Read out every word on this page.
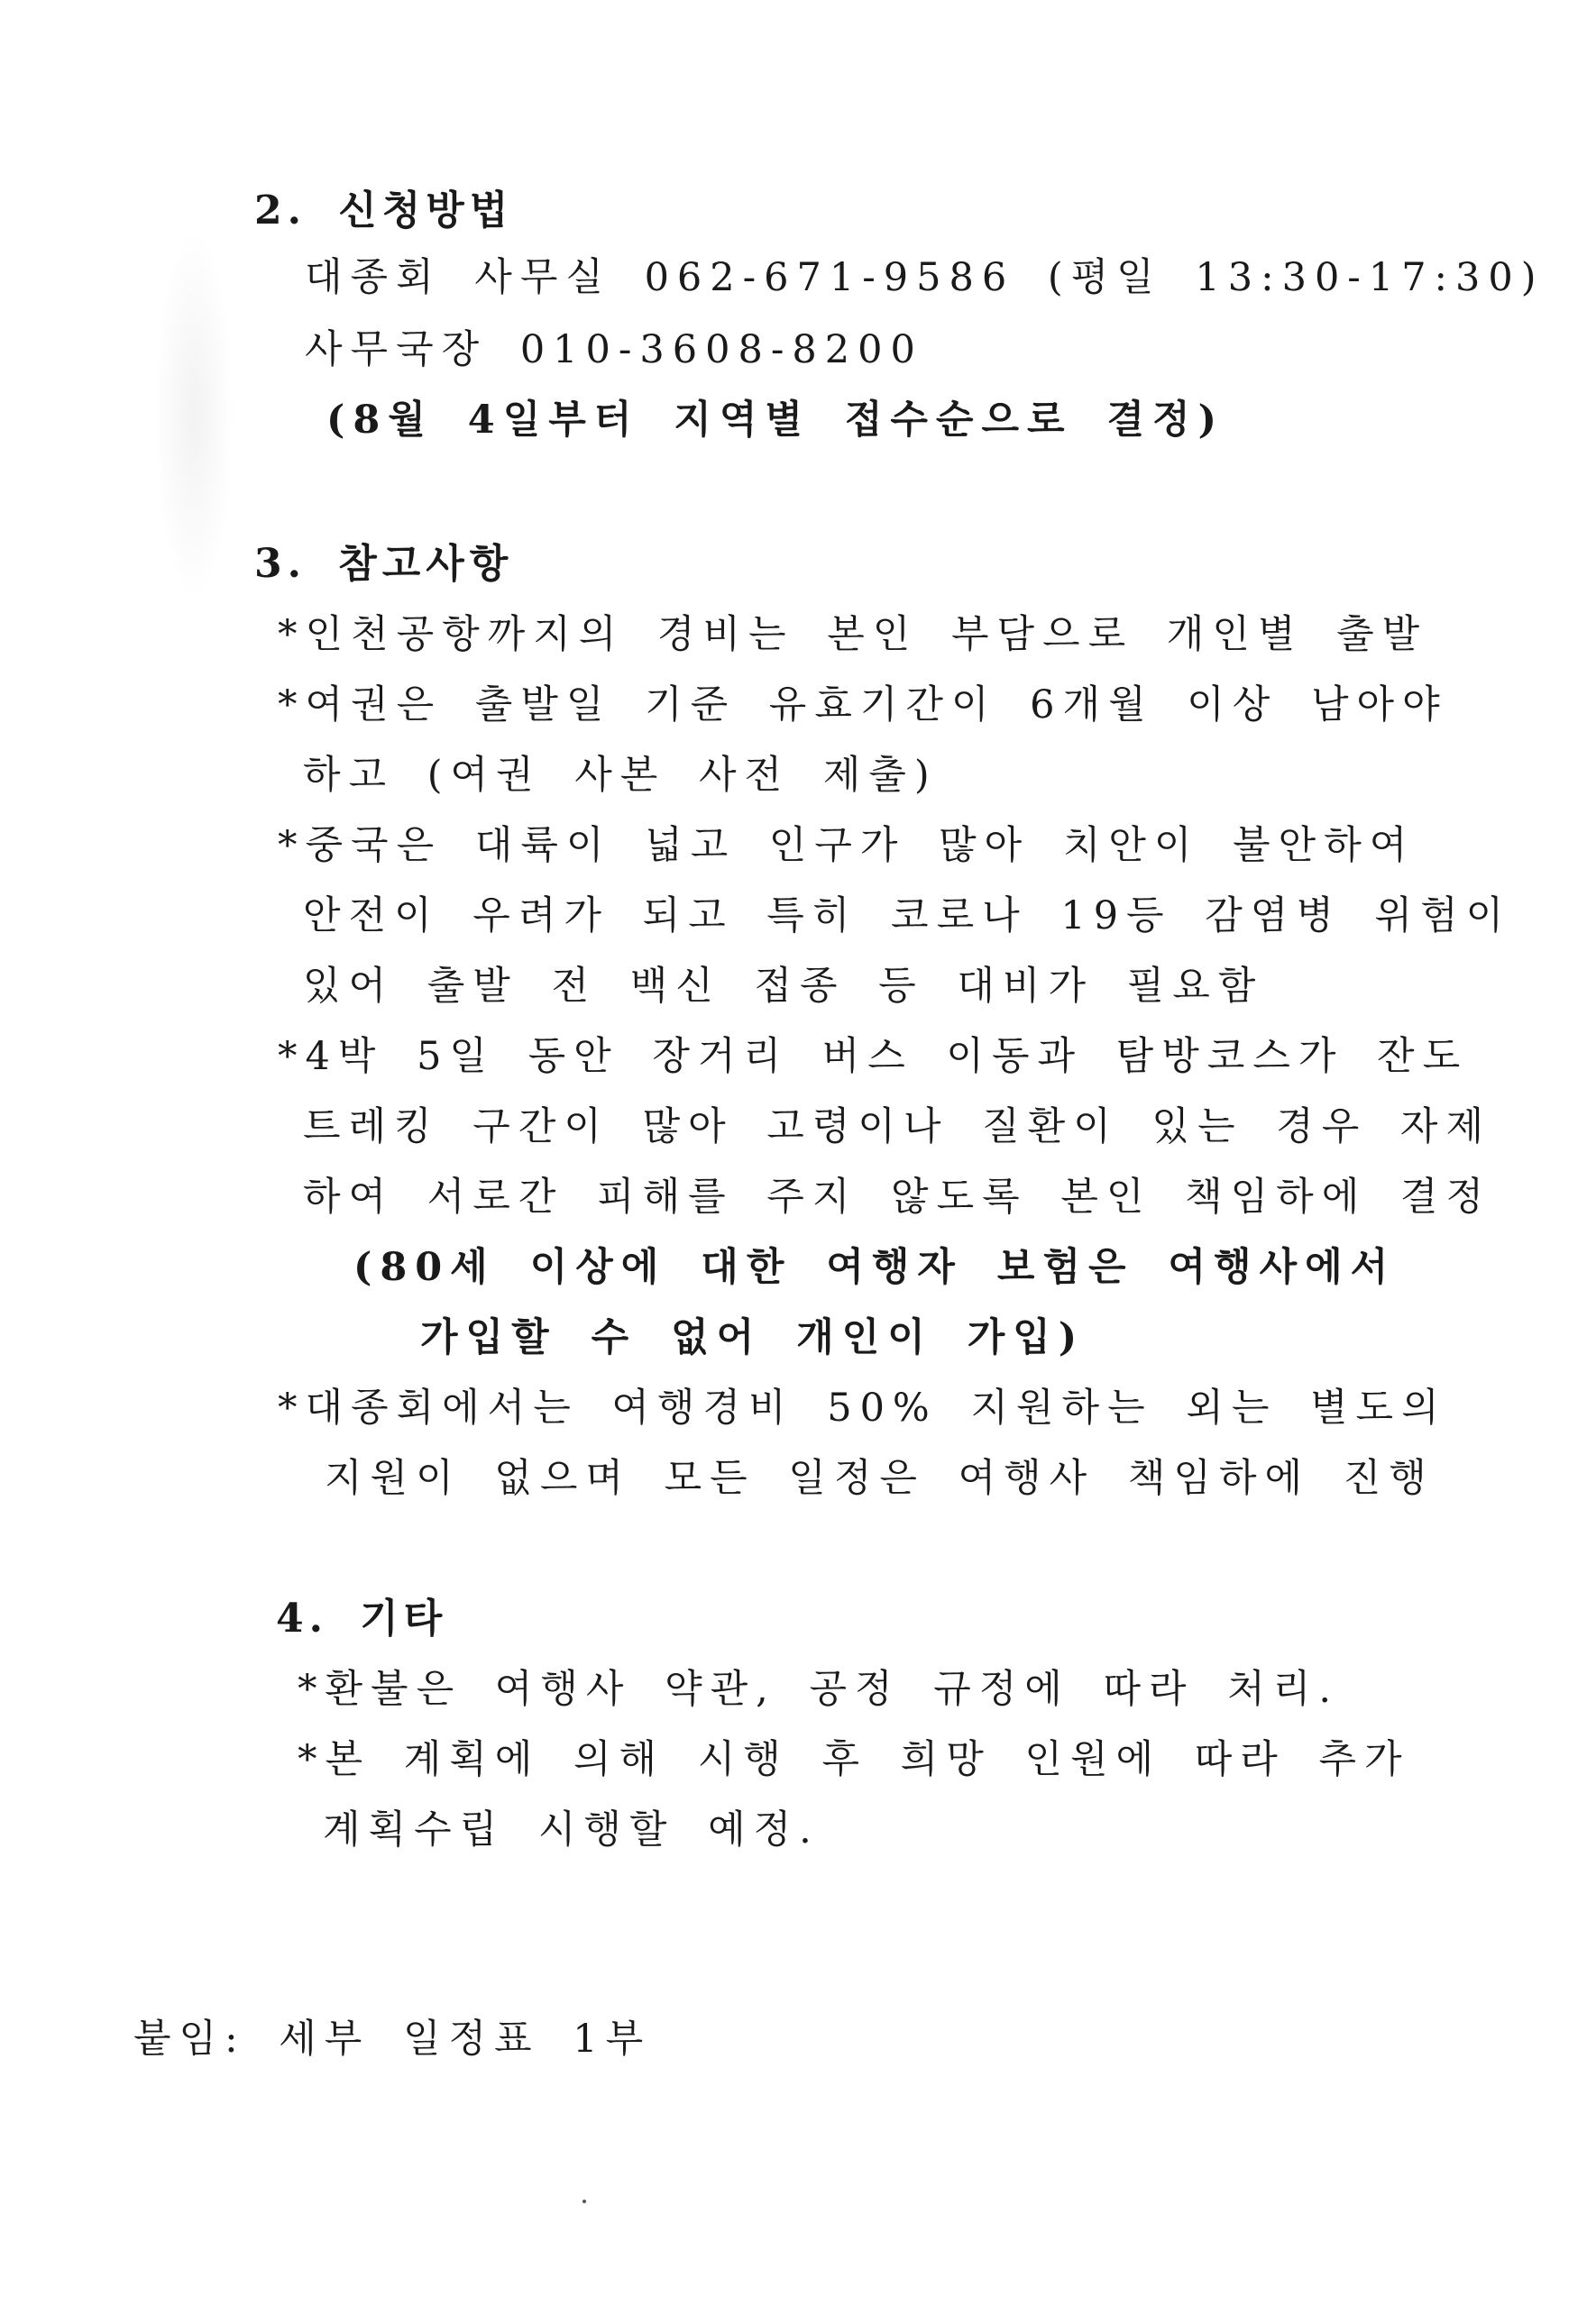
2. 신청방법
대종회 사무실 062-671-9586 (평일 13:30-17:30)
사무국장 010-3608-8200
(8월 4일부터 지역별 접수순으로 결정)
3. 참고사항
*인천공항까지의 경비는 본인 부담으로 개인별 출발
*여권은 출발일 기준 유효기간이 6개월 이상 남아야
하고 (여권 사본 사전 제출)
*중국은 대륙이 넓고 인구가 많아 치안이 불안하여
안전이 우려가 되고 특히 코로나 19등 감염병 위험이
있어 출발 전 백신 접종 등 대비가 필요함
*4박 5일 동안 장거리 버스 이동과 탐방코스가 잔도
트레킹 구간이 많아 고령이나 질환이 있는 경우 자제
하여 서로간 피해를 주지 않도록 본인 책임하에 결정
(80세 이상에 대한 여행자 보험은 여행사에서
가입할 수 없어 개인이 가입)
*대종회에서는 여행경비 50% 지원하는 외는 별도의
지원이 없으며 모든 일정은 여행사 책임하에 진행
4. 기타
*환불은 여행사 약관, 공정 규정에 따라 처리.
*본 계획에 의해 시행 후 희망 인원에 따라 추가
계획수립 시행할 예정.
붙임: 세부 일정표 1부
